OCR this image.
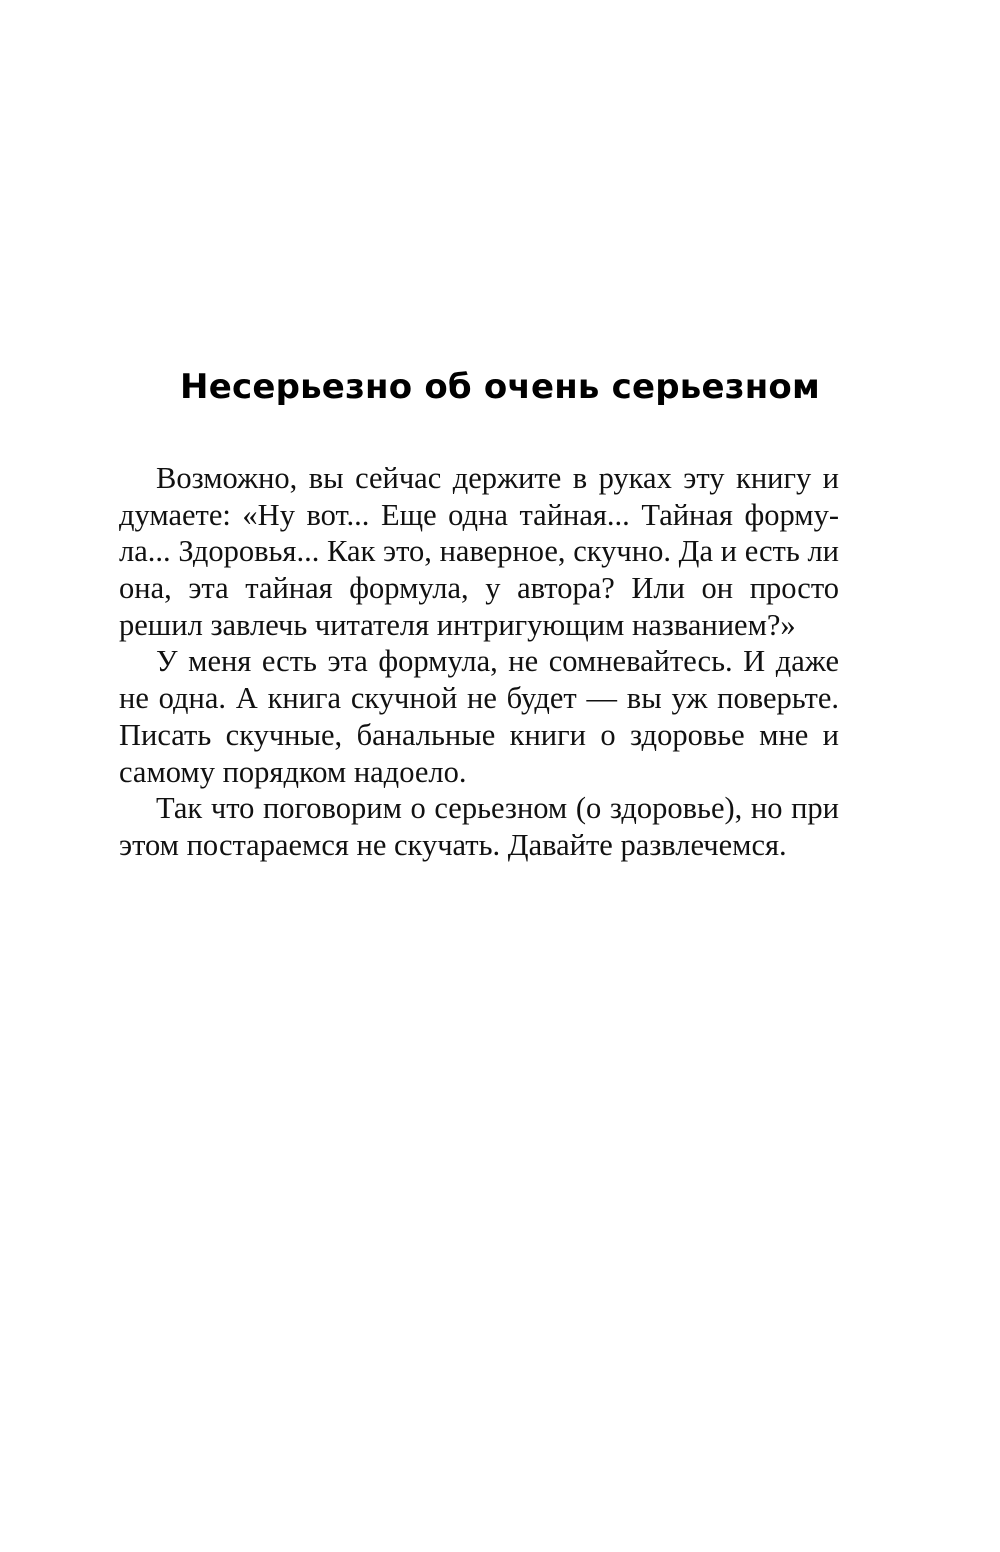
Несерьезно об очень серьезном
Возможно, вы сейчас держите в руках эту книгу и
думаете: «Ну вот... Еще одна тайная... Тайная форму-
ла... Здоровья... Как это, наверное, скучно. Да и есть ли
она, эта тайная формула, у автора? Или он просто
решил завлечь читателя интригующим названием?»
У меня есть эта формула, не сомневайтесь. И даже
не одна. А книга скучной не будет — вы уж поверьте.
Писать скучные, банальные книги о здоровье мне и
самому порядком надоело.
Так что поговорим о серьезном (о здоровье), но при
этом постараемся не скучать. Давайте развлечемся.
